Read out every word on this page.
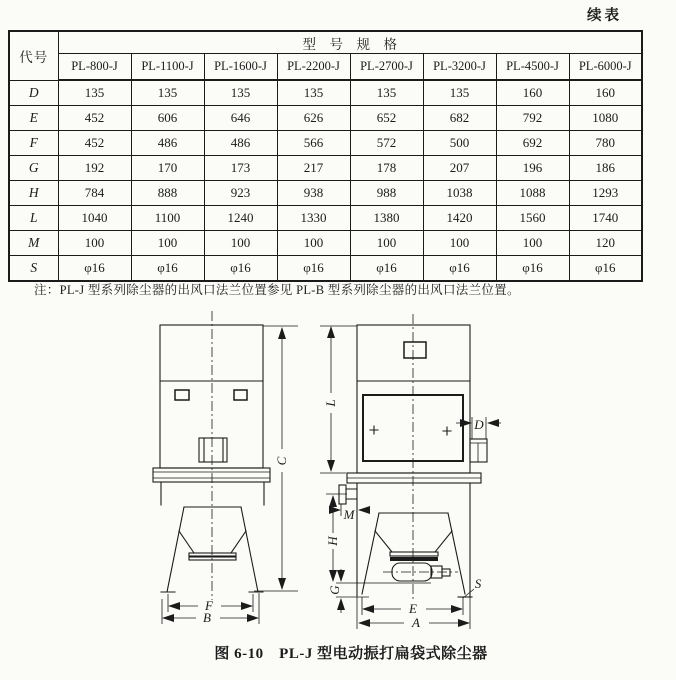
续表
代号	型　号　规　格							
	PL-800-J	PL-1100-J	PL-1600-J	PL-2200-J	PL-2700-J	PL-3200-J	PL-4500-J	PL-6000-J
D	135	135	135	135	135	135	160	160
E	452	606	646	626	652	682	792	1080
F	452	486	486	566	572	500	692	780
G	192	170	173	217	178	207	196	186
H	784	888	923	938	988	1038	1088	1293
L	1040	1100	1240	1330	1380	1420	1560	1740
M	100	100	100	100	100	100	100	120
S	φ16	φ16	φ16	φ16	φ16	φ16	φ16	φ16
注：PL-J 型系列除尘器的出风口法兰位置参见 PL-B 型系列除尘器的出风口法兰位置。
C
F
B
L
D
M
H
G	S
E
A
图 6-10　PL-J 型电动振打扁袋式除尘器
